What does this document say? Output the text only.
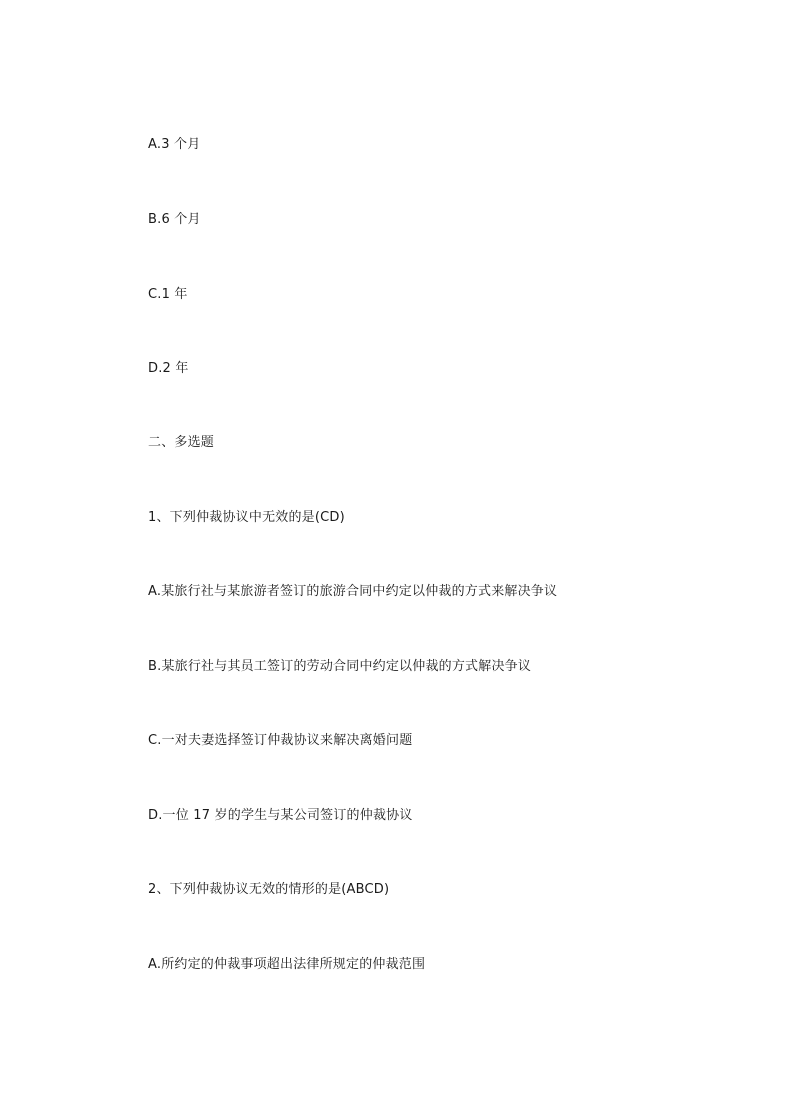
A.3 个月
B.6 个月
C.1 年
D.2 年
二、多选题
1、下列仲裁协议中无效的是(CD)
A.某旅行社与某旅游者签订的旅游合同中约定以仲裁的方式来解决争议
B.某旅行社与其员工签订的劳动合同中约定以仲裁的方式解决争议
C.一对夫妻选择签订仲裁协议来解决离婚问题
D.一位 17 岁的学生与某公司签订的仲裁协议
2、下列仲裁协议无效的情形的是(ABCD)
A.所约定的仲裁事项超出法律所规定的仲裁范围
